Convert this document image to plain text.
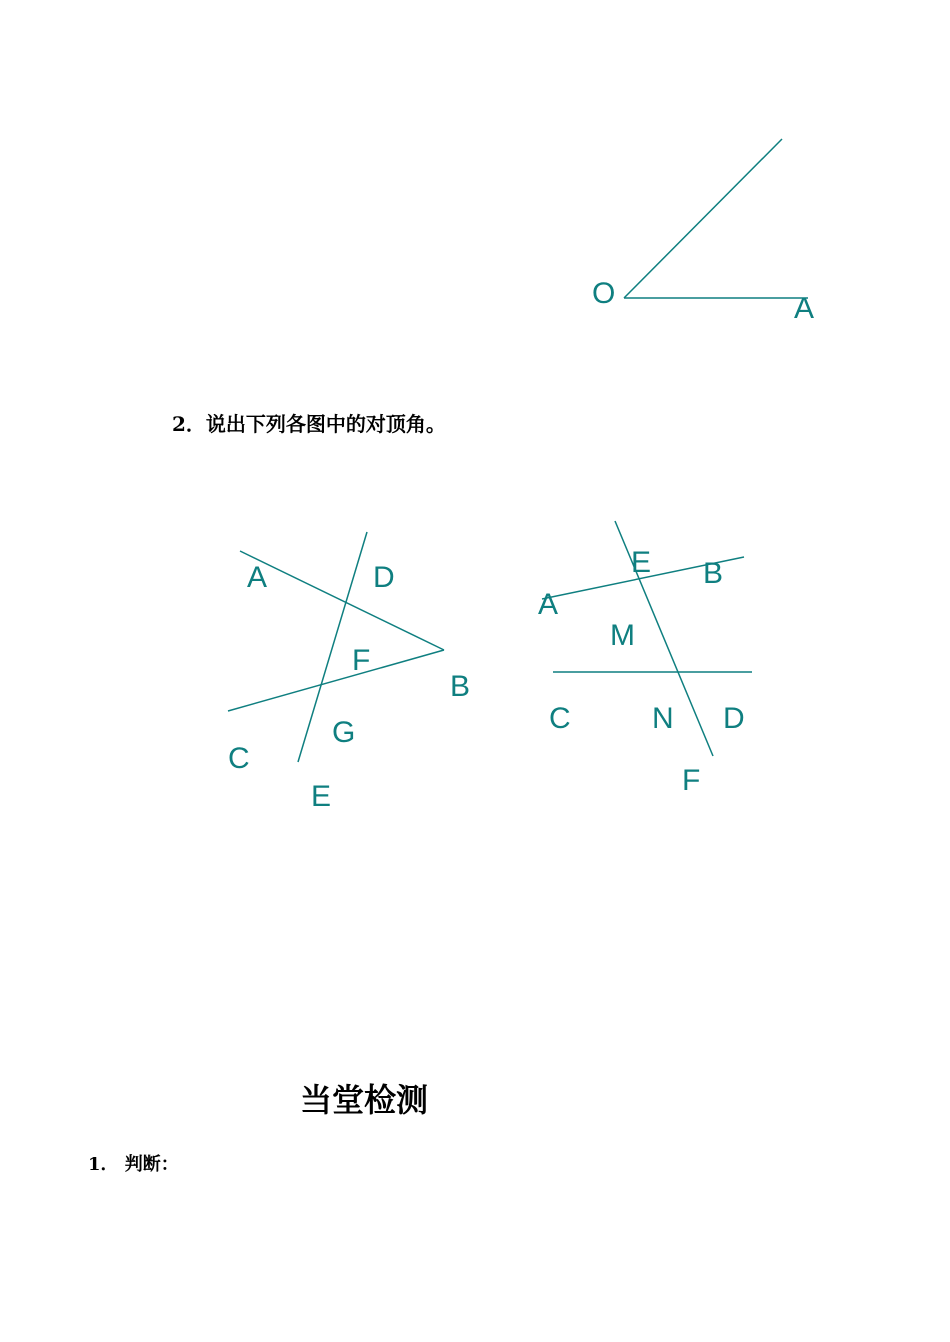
O	A
A	D
F
B
C
G
E
E B
A
M
C	N D
F
2．说出下列各图中的对顶角。
当堂检测
1． 判断：
